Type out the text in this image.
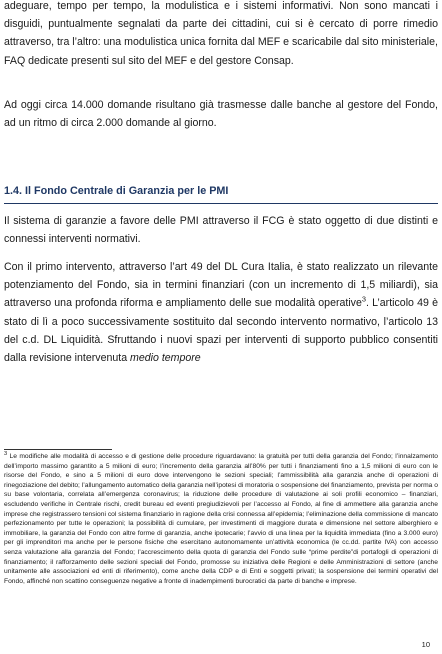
adeguare, tempo per tempo, la modulistica e i sistemi informativi. Non sono mancati i disguidi, puntualmente segnalati da parte dei cittadini, cui si è cercato di porre rimedio attraverso, tra l’altro: una modulistica unica fornita dal MEF e scaricabile dal sito ministeriale, FAQ dedicate presenti sul sito del MEF e del gestore Consap.

Ad oggi circa 14.000 domande risultano già trasmesse dalle banche al gestore del Fondo, ad un ritmo di circa 2.000 domande al giorno.

1.4. Il Fondo Centrale di Garanzia per le PMI

Il sistema di garanzie a favore delle PMI attraverso il FCG è stato oggetto di due distinti e connessi interventi normativi.

Con il primo intervento, attraverso l’art 49 del DL Cura Italia, è stato realizzato un rilevante potenziamento del Fondo, sia in termini finanziari (con un incremento di 1,5 miliardi), sia attraverso una profonda riforma e ampliamento delle sue modalità operative$^3$. L’articolo 49 è stato di lì a poco successivamente sostituito dal secondo intervento normativo, l’articolo 13 del c.d. DL Liquidità. Sfruttando i nuovi spazi per interventi di supporto pubblico consentiti dalla revisione intervenuta medio tempore

$^3$ Le modifiche alle modalità di accesso e di gestione delle procedure riguardavano: la gratuità per tutti della garanzia del Fondo; l’innalzamento dell’importo massimo garantito a 5 milioni di euro; l’incremento della garanzia all’80% per tutti i finanziamenti fino a 1,5 milioni di euro con le risorse del Fondo, e sino a 5 milioni di euro dove intervengono le sezioni speciali; l’ammissibilità alla garanzia anche di operazioni di rinegoziazione del debito; l’allungamento automatico della garanzia nell’ipotesi di moratoria o sospensione del finanziamento, prevista per norma o su base volontaria, correlata all’emergenza coronavirus; la riduzione delle procedure di valutazione ai soli profili economico – finanziari, escludendo verifiche in Centrale rischi, credit bureau ed eventi pregiudizievoli per l’accesso al Fondo, al fine di ammettere alla garanzia anche imprese che registrassero tensioni col sistema finanziario in ragione della crisi connessa all’epidemia; l’eliminazione della commissione di mancato perfezionamento per tutte le operazioni; la possibilità di cumulare, per investimenti di maggiore durata e dimensione nel settore alberghiero e immobiliare, la garanzia del Fondo con altre forme di garanzia, anche ipotecarie; l’avvio di una linea per la liquidità immediata (fino a 3.000 euro) per gli imprenditori ma anche per le persone fisiche che esercitano autonomamente un’attività economica (le cc.dd. partite IVA) con accesso senza valutazione alla garanzia del Fondo; l’accrescimento della quota di garanzia del Fondo sulle “prime perdite”di portafogli di operazioni di finanziamento; il rafforzamento delle sezioni speciali del Fondo, promosse su iniziativa delle Regioni e delle Amministrazioni di settore (anche unitamente alle associazioni ed enti di riferimento), come anche della CDP e di Enti e soggetti privati; la sospensione dei termini operativi del Fondo, affinché non scattino conseguenze negative a fronte di inadempimenti burocratici da parte di banche e imprese.

10
